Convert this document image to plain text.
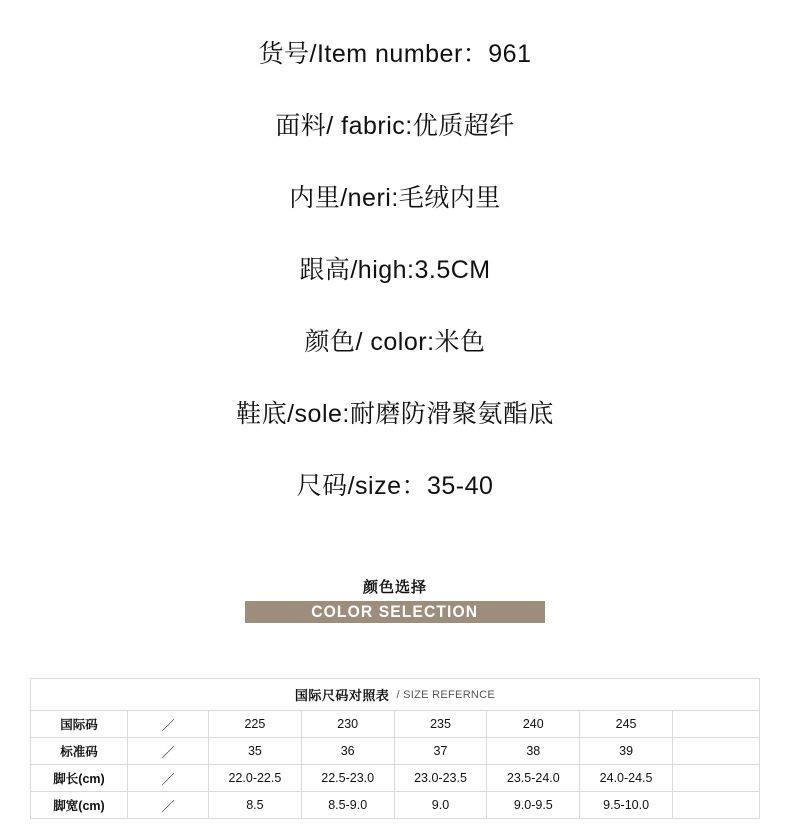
货号/Item number：961
面料/ fabric:优质超纤
内里/neri:毛绒内里
跟高/high:3.5CM
颜色/ color:米色
鞋底/sole:耐磨防滑聚氨酯底
尺码/size：35-40
颜色选择
COLOR SELECTION
国际尺码对照表 / SIZE REFERNCE
国际码	／	225	230	235	240	245	
标准码	／	35	36	37	38	39	
脚长(cm)	／	22.0-22.5	22.5-23.0	23.0-23.5	23.5-24.0	24.0-24.5	
脚宽(cm)	／	8.5	8.5-9.0	9.0	9.0-9.5	9.5-10.0	
